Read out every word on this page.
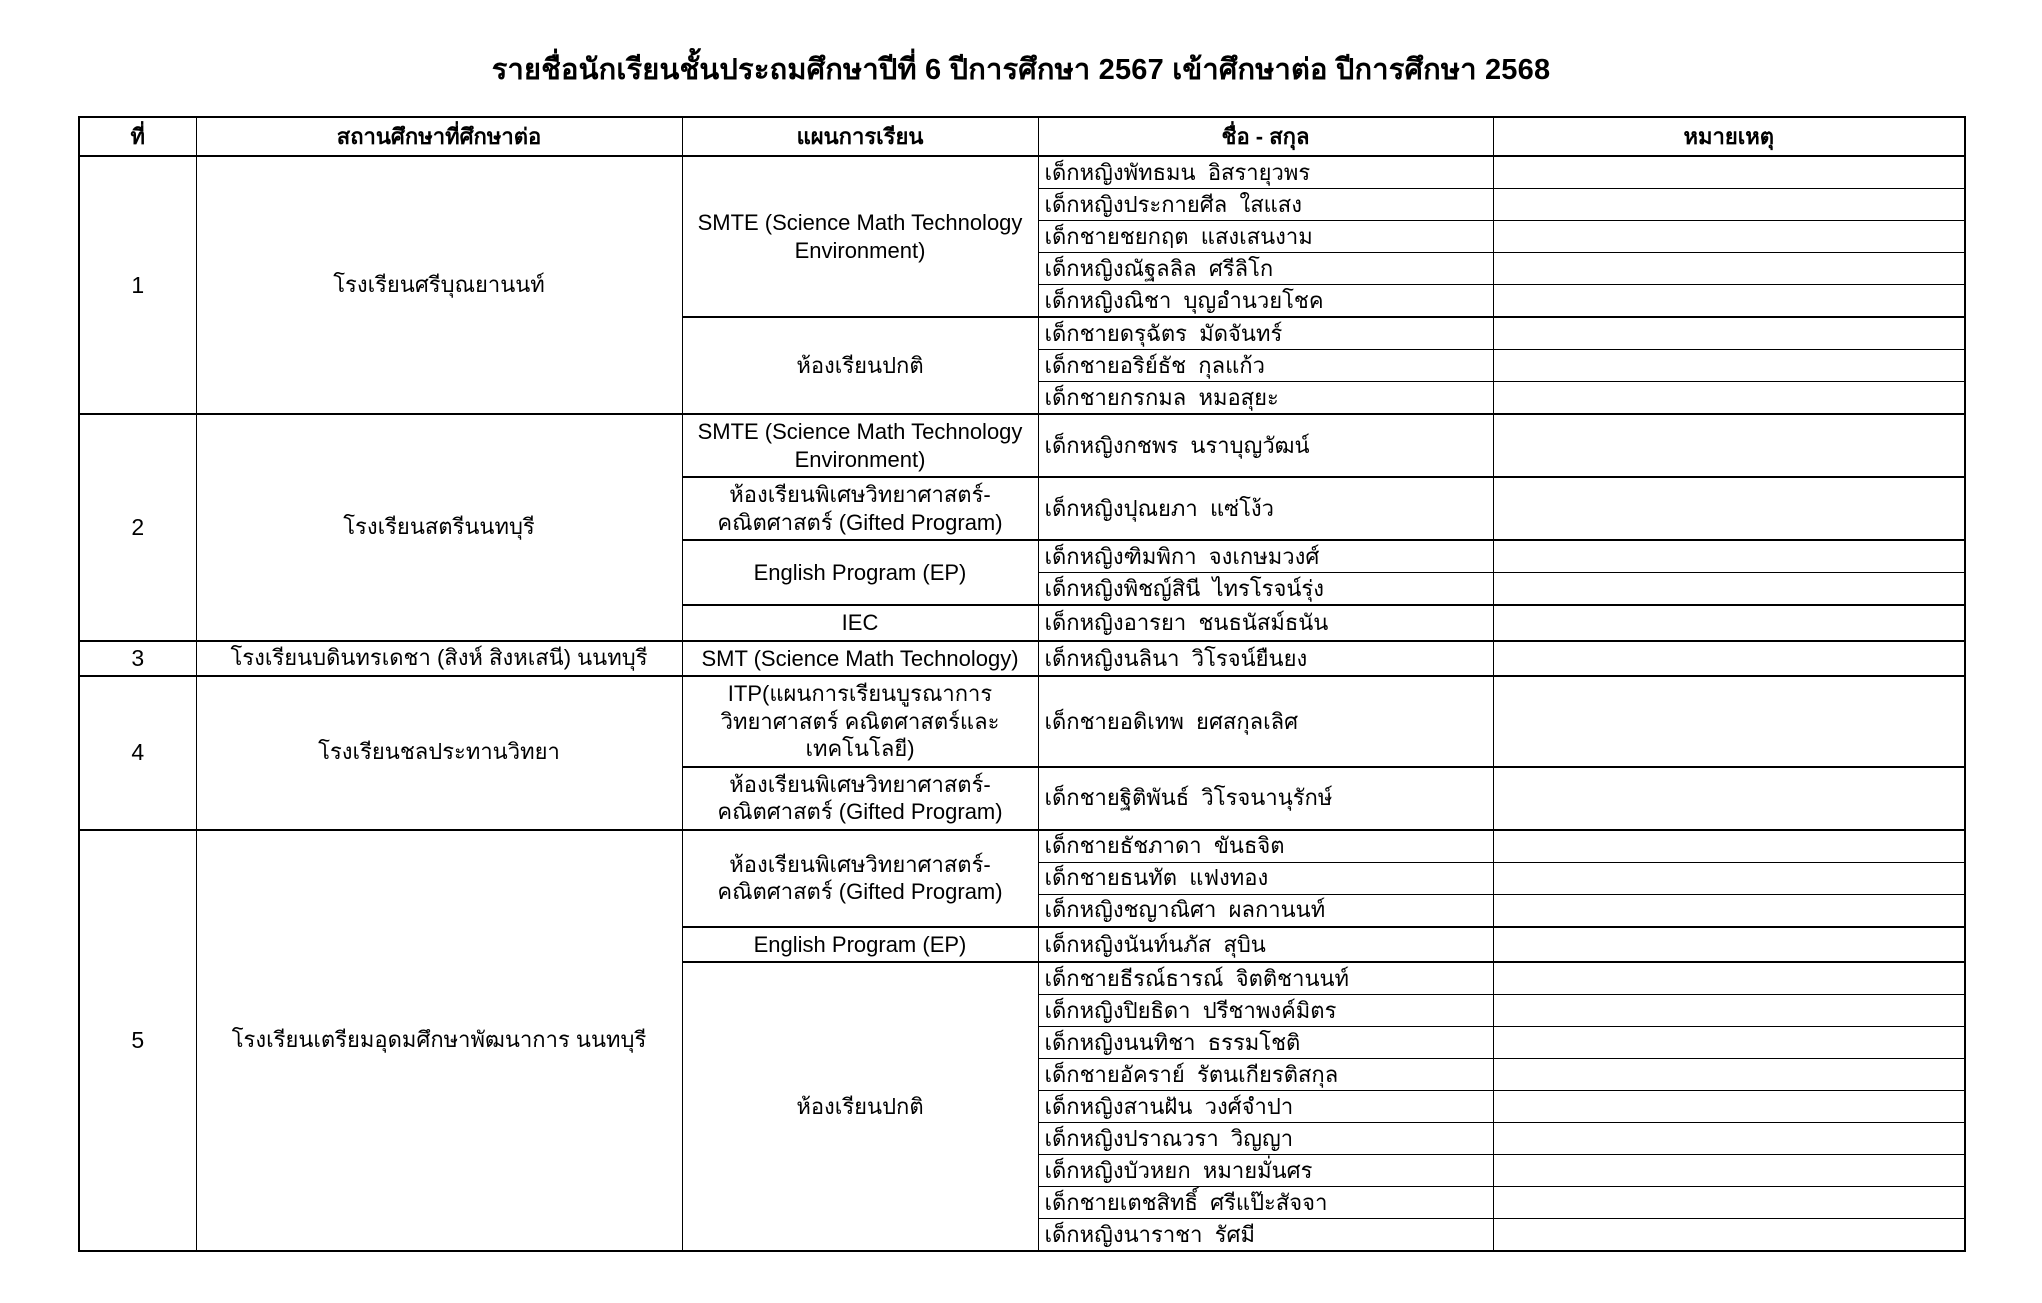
รายชื่อนักเรียนชั้นประถมศึกษาปีที่ 6 ปีการศึกษา 2567 เข้าศึกษาต่อ ปีการศึกษา 2568
ที่	สถานศึกษาที่ศึกษาต่อ	แผนการเรียน	ชื่อ - สกุล	หมายเหตุ
1	โรงเรียนศรีบุณยานนท์	SMTE (Science Math Technology Environment)	เด็กหญิงพัทธมน  อิสรายุวพร	
			เด็กหญิงประกายศีล  ใสแสง	
			เด็กชายชยกฤต  แสงเสนงาม	
			เด็กหญิงณัฐลลิล  ศรีลิโก	
			เด็กหญิงณิชา  บุญอำนวยโชค	
		ห้องเรียนปกติ	เด็กชายดรุฉัตร  มัดจันทร์	
			เด็กชายอริย์ธัช  กุลแก้ว	
			เด็กชายกรกมล  หมอสุยะ	
2	โรงเรียนสตรีนนทบุรี	SMTE (Science Math Technology Environment)	เด็กหญิงกชพร  นราบุญวัฒน์	
		ห้องเรียนพิเศษวิทยาศาสตร์-คณิตศาสตร์ (Gifted Program)	เด็กหญิงปุณยภา  แซ่โง้ว	
		English Program (EP)	เด็กหญิงฑิมพิกา  จงเกษมวงศ์	
			เด็กหญิงพิชญ์สินี  ไทรโรจน์รุ่ง	
		IEC	เด็กหญิงอารยา  ชนธนัสม์ธนัน	
3	โรงเรียนบดินทรเดชา (สิงห์ สิงหเสนี) นนทบุรี	SMT (Science Math Technology)	เด็กหญิงนลินา  วิโรจน์ยืนยง	
4	โรงเรียนชลประทานวิทยา	ITP(แผนการเรียนบูรณาการ วิทยาศาสตร์ คณิตศาสตร์และ เทคโนโลยี)	เด็กชายอดิเทพ  ยศสกุลเลิศ	
		ห้องเรียนพิเศษวิทยาศาสตร์-คณิตศาสตร์ (Gifted Program)	เด็กชายฐิติพันธ์  วิโรจนานุรักษ์	
5	โรงเรียนเตรียมอุดมศึกษาพัฒนาการ นนทบุรี	ห้องเรียนพิเศษวิทยาศาสตร์-คณิตศาสตร์ (Gifted Program)	เด็กชายธัชภาดา  ขันธจิต	
			เด็กชายธนทัต  แฟงทอง	
			เด็กหญิงชญาณิศา  ผลกานนท์	
		English Program (EP)	เด็กหญิงนันท์นภัส  สุบิน	
		ห้องเรียนปกติ	เด็กชายธีรณ์ธารณ์  จิตติชานนท์	
			เด็กหญิงปิยธิดา  ปรีชาพงค์มิตร	
			เด็กหญิงนนทิชา  ธรรมโชติ	
			เด็กชายอัคราย์  รัตนเกียรติสกุล	
			เด็กหญิงสานฝัน  วงศ์จำปา	
			เด็กหญิงปราณวรา  วิญญา	
			เด็กหญิงบัวหยก  หมายมั่นศร	
			เด็กชายเตชสิทธิ์  ศรีแป๊ะสัจจา	
			เด็กหญิงนาราชา  รัศมี	
